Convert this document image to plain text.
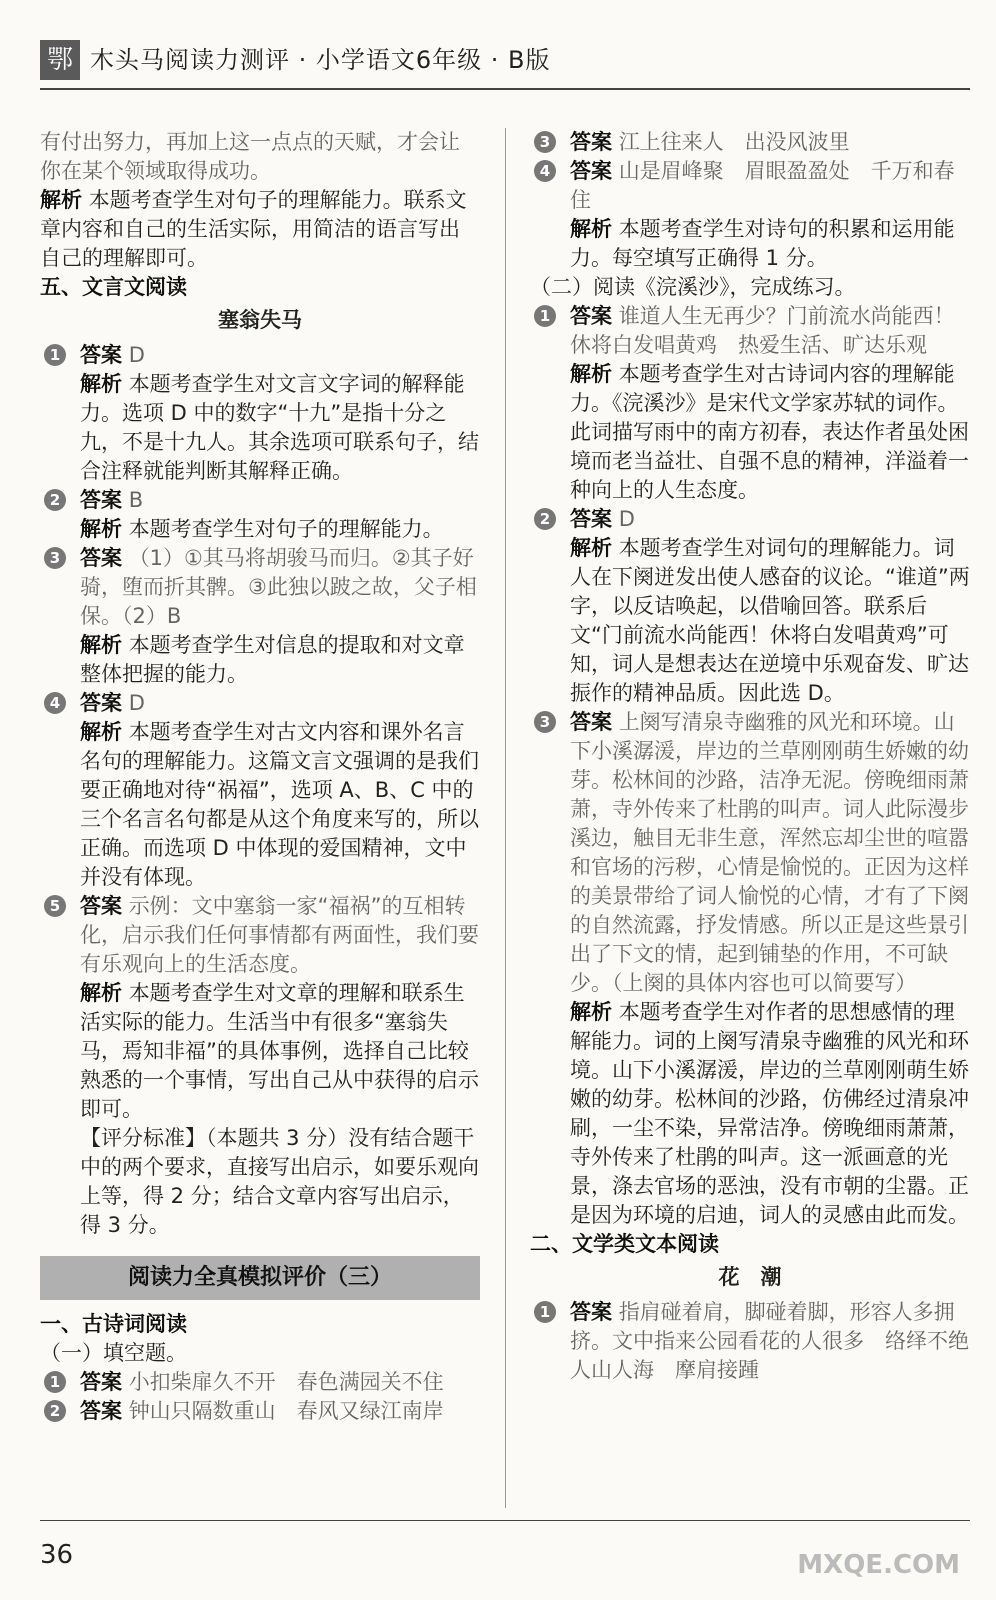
鄂 木头马阅读力测评 · 小学语文6年级 · B版
有付出努力，再加上这一点点的天赋，才会让你在某个领域取得成功。
解析 本题考查学生对句子的理解能力。联系文章内容和自己的生活实际，用简洁的语言写出自己的理解即可。
五、文言文阅读
塞翁失马
1 答案 D
解析 本题考查学生对文言文字词的解释能力。选项 D 中的数字“十九”是指十分之九，不是十九人。其余选项可联系句子，结合注释就能判断其解释正确。
2 答案 B
解析 本题考查学生对句子的理解能力。
3 答案 （1）①其马将胡骏马而归。②其子好骑，堕而折其髀。③此独以跛之故，父子相保。（2）B
解析 本题考查学生对信息的提取和对文章整体把握的能力。
4 答案 D
解析 本题考查学生对古文内容和课外名言名句的理解能力。这篇文言文强调的是我们要正确地对待“祸福”，选项 A、B、C 中的三个名言名句都是从这个角度来写的，所以正确。而选项 D 中体现的爱国精神，文中并没有体现。
5 答案 示例：文中塞翁一家“福祸”的互相转化，启示我们任何事情都有两面性，我们要有乐观向上的生活态度。
解析 本题考查学生对文章的理解和联系生活实际的能力。生活当中有很多“塞翁失马，焉知非福”的具体事例，选择自己比较熟悉的一个事情，写出自己从中获得的启示即可。
【评分标准】（本题共 3 分）没有结合题干中的两个要求，直接写出启示，如要乐观向上等，得 2 分；结合文章内容写出启示，得 3 分。
阅读力全真模拟评价（三）
一、古诗词阅读
（一）填空题。
1 答案 小扣柴扉久不开　春色满园关不住
2 答案 钟山只隔数重山　春风又绿江南岸
3 答案 江上往来人　出没风波里
4 答案 山是眉峰聚　眉眼盈盈处　千万和春住
解析 本题考查学生对诗句的积累和运用能力。每空填写正确得 1 分。
（二）阅读《浣溪沙》，完成练习。
1 答案 谁道人生无再少？门前流水尚能西！休将白发唱黄鸡　热爱生活、旷达乐观
解析 本题考查学生对古诗词内容的理解能力。《浣溪沙》是宋代文学家苏轼的词作。此词描写雨中的南方初春，表达作者虽处困境而老当益壮、自强不息的精神，洋溢着一种向上的人生态度。
2 答案 D
解析 本题考查学生对词句的理解能力。词人在下阕迸发出使人感奋的议论。“谁道”两字，以反诘唤起，以借喻回答。联系后文“门前流水尚能西！休将白发唱黄鸡”可知，词人是想表达在逆境中乐观奋发、旷达振作的精神品质。因此选 D。
3 答案 上阕写清泉寺幽雅的风光和环境。山下小溪潺湲，岸边的兰草刚刚萌生娇嫩的幼芽。松林间的沙路，洁净无泥。傍晚细雨萧萧，寺外传来了杜鹃的叫声。词人此际漫步溪边，触目无非生意，浑然忘却尘世的喧嚣和官场的污秽，心情是愉悦的。正因为这样的美景带给了词人愉悦的心情，才有了下阕的自然流露，抒发情感。所以正是这些景引出了下文的情，起到铺垫的作用，不可缺少。（上阕的具体内容也可以简要写）
解析 本题考查学生对作者的思想感情的理解能力。词的上阕写清泉寺幽雅的风光和环境。山下小溪潺湲，岸边的兰草刚刚萌生娇嫩的幼芽。松林间的沙路，仿佛经过清泉冲刷，一尘不染，异常洁净。傍晚细雨萧萧，寺外传来了杜鹃的叫声。这一派画意的光景，涤去官场的恶浊，没有市朝的尘嚣。正是因为环境的启迪，词人的灵感由此而发。
二、文学类文本阅读
花　潮
1 答案 指肩碰着肩，脚碰着脚，形容人多拥挤。文中指来公园看花的人很多　络绎不绝　人山人海　摩肩接踵
36	MXQE.COM
